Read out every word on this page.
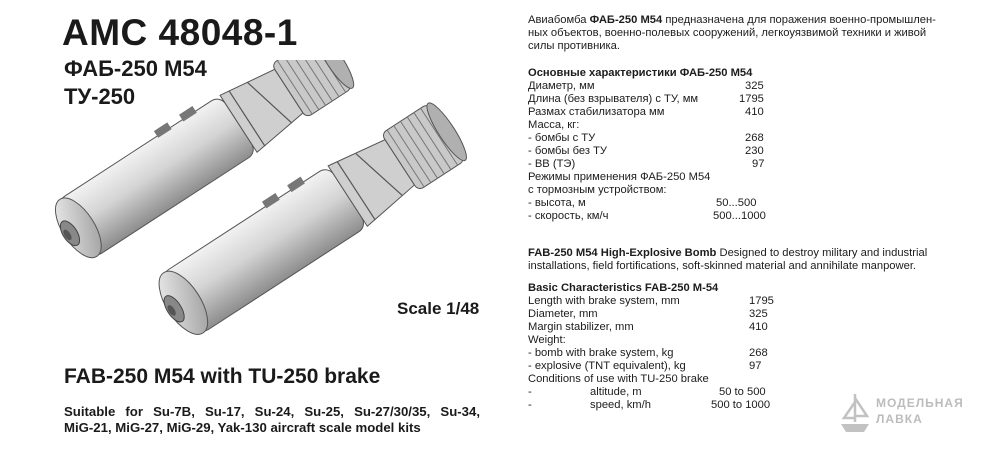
AMC 48048-1
ФАБ-250 М54
ТУ-250
Scale 1/48
FAB-250 M54 with TU-250 brake
Suitable for Su-7B, Su-17, Su-24, Su-25, Su-27/30/35, Su-34,
MiG-21, MiG-27, MiG-29, Yak-130 aircraft scale model kits
Авиабомба ФАБ-250 М54 предназначена для поражения военно-промышлен-
ных объектов, военно-полевых сооружений, легкоуязвимой техники и живой
силы противника.
Основные характеристики ФАБ-250 М54
Диаметр, мм	325
Длина (без взрывателя) с ТУ, мм	1795
Размах стабилизатора мм	410
Масса, кг:
- бомбы с ТУ	268
- бомбы без ТУ	230
- ВВ (ТЭ)	97
Режимы применения ФАБ-250 М54
с тормозным устройством:
- высота, м	50...500
- скорость, км/ч	500...1000
FAB-250 M54 High-Explosive Bomb Designed to destroy military and industrial
installations, field fortifications, soft-skinned material and annihilate manpower.
Basic Characteristics FAB-250 M-54
Length with brake system, mm	1795
Diameter, mm	325
Margin stabilizer, mm	410
Weight:
- bomb with brake system, kg	268
- explosive (TNT equivalent), kg	97
Conditions of use with TU-250 brake
-	altitude, m	50 to 500
-	speed, km/h	500 to 1000	МОДЕЛЬНАЯ
ЛАВКА
